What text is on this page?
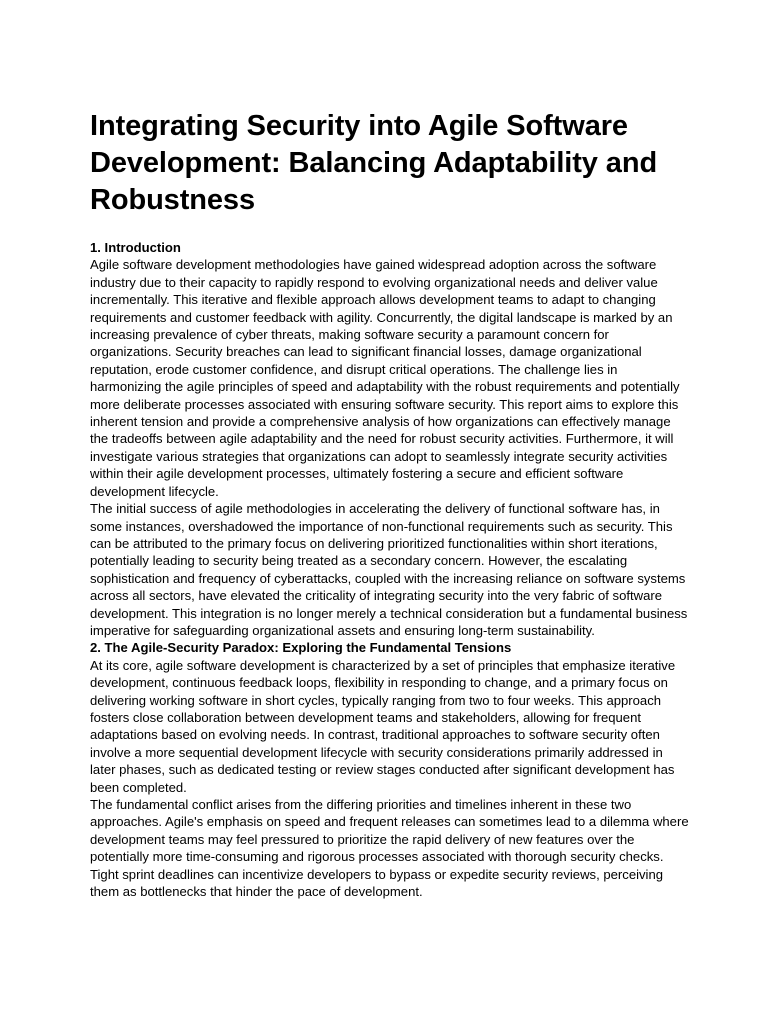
Integrating Security into Agile Software Development: Balancing Adaptability and Robustness

1. Introduction

Agile software development methodologies have gained widespread adoption across the software industry due to their capacity to rapidly respond to evolving organizational needs and deliver value incrementally. This iterative and flexible approach allows development teams to adapt to changing requirements and customer feedback with agility. Concurrently, the digital landscape is marked by an increasing prevalence of cyber threats, making software security a paramount concern for organizations. Security breaches can lead to significant financial losses, damage organizational reputation, erode customer confidence, and disrupt critical operations. The challenge lies in harmonizing the agile principles of speed and adaptability with the robust requirements and potentially more deliberate processes associated with ensuring software security. This report aims to explore this inherent tension and provide a comprehensive analysis of how organizations can effectively manage the tradeoffs between agile adaptability and the need for robust security activities. Furthermore, it will investigate various strategies that organizations can adopt to seamlessly integrate security activities within their agile development processes, ultimately fostering a secure and efficient software development lifecycle.

The initial success of agile methodologies in accelerating the delivery of functional software has, in some instances, overshadowed the importance of non-functional requirements such as security. This can be attributed to the primary focus on delivering prioritized functionalities within short iterations, potentially leading to security being treated as a secondary concern. However, the escalating sophistication and frequency of cyberattacks, coupled with the increasing reliance on software systems across all sectors, have elevated the criticality of integrating security into the very fabric of software development. This integration is no longer merely a technical consideration but a fundamental business imperative for safeguarding organizational assets and ensuring long-term sustainability.

2. The Agile-Security Paradox: Exploring the Fundamental Tensions

At its core, agile software development is characterized by a set of principles that emphasize iterative development, continuous feedback loops, flexibility in responding to change, and a primary focus on delivering working software in short cycles, typically ranging from two to four weeks. This approach fosters close collaboration between development teams and stakeholders, allowing for frequent adaptations based on evolving needs. In contrast, traditional approaches to software security often involve a more sequential development lifecycle with security considerations primarily addressed in later phases, such as dedicated testing or review stages conducted after significant development has been completed.

The fundamental conflict arises from the differing priorities and timelines inherent in these two approaches. Agile's emphasis on speed and frequent releases can sometimes lead to a dilemma where development teams may feel pressured to prioritize the rapid delivery of new features over the potentially more time-consuming and rigorous processes associated with thorough security checks. Tight sprint deadlines can incentivize developers to bypass or expedite security reviews, perceiving them as bottlenecks that hinder the pace of development.
